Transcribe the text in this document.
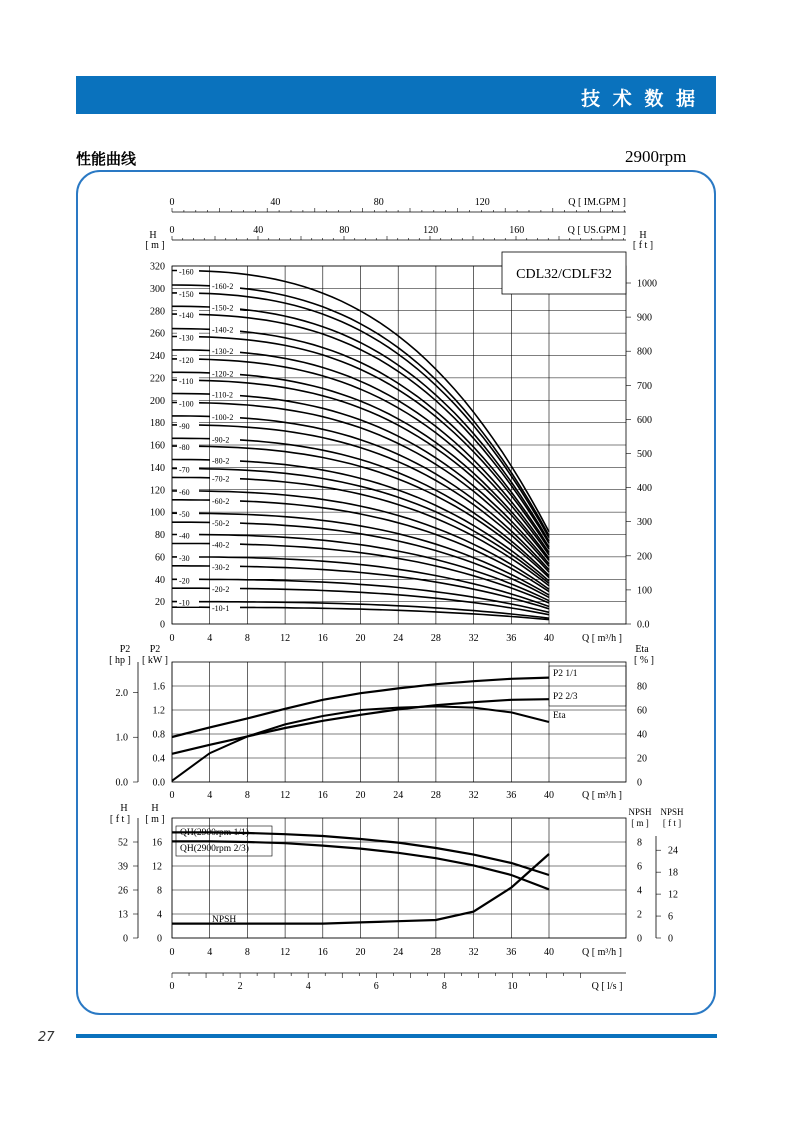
技 术 数 据
性能曲线	2900rpm
0	40	80	120	Q [ IM.GPM ]
0	40	80	120	160	Q [ US.GPM ]
0
20
40
60
80
100
120
140
160
180
200
220
240
260
280
300
320
H
[ m ]
0.0
100
200
300
400
500
600
700
800
900
1000
H
[ f t ]
CDL32/CDLF32
-10-1
-10
-20-2
-20
-30-2
-30
-40-2
-40
-50-2
-50
-60-2
-60
-70-2
-70
-80-2
-80
-90-2
-90
-100-2
-100
-110-2
-110
-120-2
-120
-130-2
-130
-140-2
-140
-150-2
-150
-160-2
-160
0	4	8	12	16	20	24	28	32	36	40	Q [ m³/h ]
0.0
0.4
0.8
1.2
1.6
0.0
1.0
2.0
0
20
40
60
80
P2
[ hp ]
P2
[ kW ]
Eta
[ % ]
P2 1/1
P2 2/3
Eta
0	4	8	12	16	20	24	28	32	36	40	Q [ m³/h ]
0
4
8
12
16
0
13
26
39
52
0
2
4
6
8
0
6
12
18
24
H
[ f t ]
H
[ m ]
NPSH
[ m ]
NPSH
[ f t ]
QH(2900rpm 1/1)
QH(2900rpm 2/3)
NPSH
0	4	8	12	16	20	24	28	32	36	40	Q [ m³/h ]
0	2	4	6	8	10	Q [ l/s ]
27
